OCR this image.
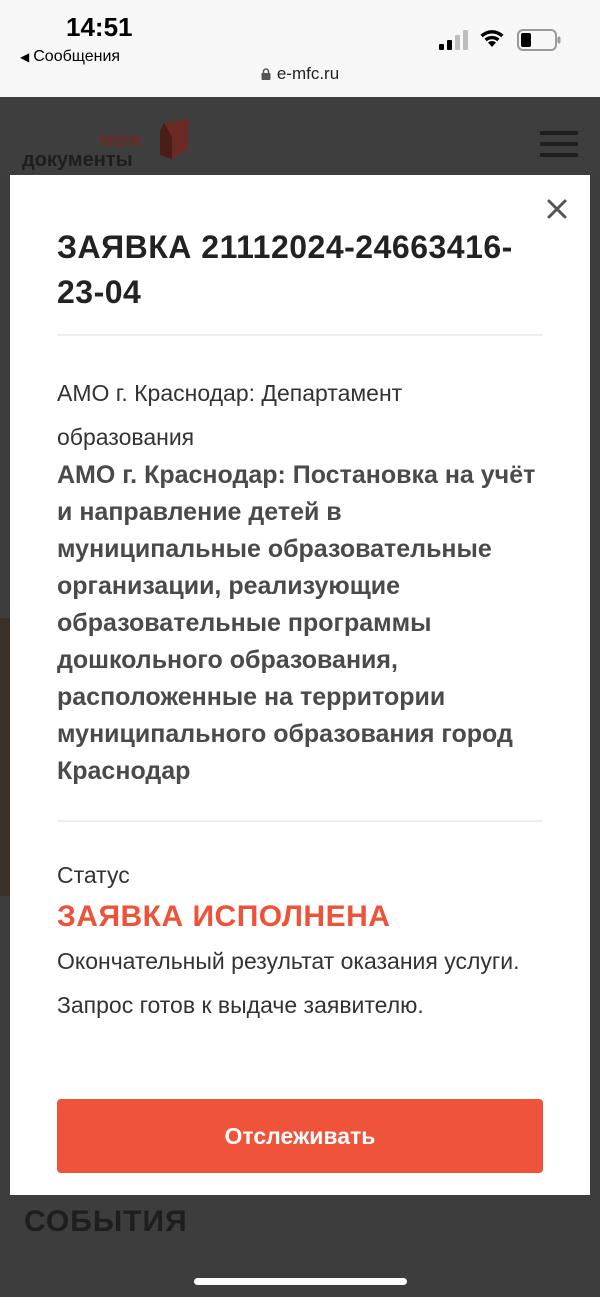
14:51
◀ Сообщения
e-mfc.ru
мои
документы
СОБЫТИЯ
ЗАЯВКА 21112024-24663416-23-04
АМО г. Краснодар: Департамент образования
АМО г. Краснодар: Постановка на учёт и направление детей в муниципальные образовательные организации, реализующие образовательные программы дошкольного образования, расположенные на территории муниципального образования город Краснодар
Статус
ЗАЯВКА ИСПОЛНЕНА
Окончательный результат оказания услуги. Запрос готов к выдаче заявителю.
Отслеживать
